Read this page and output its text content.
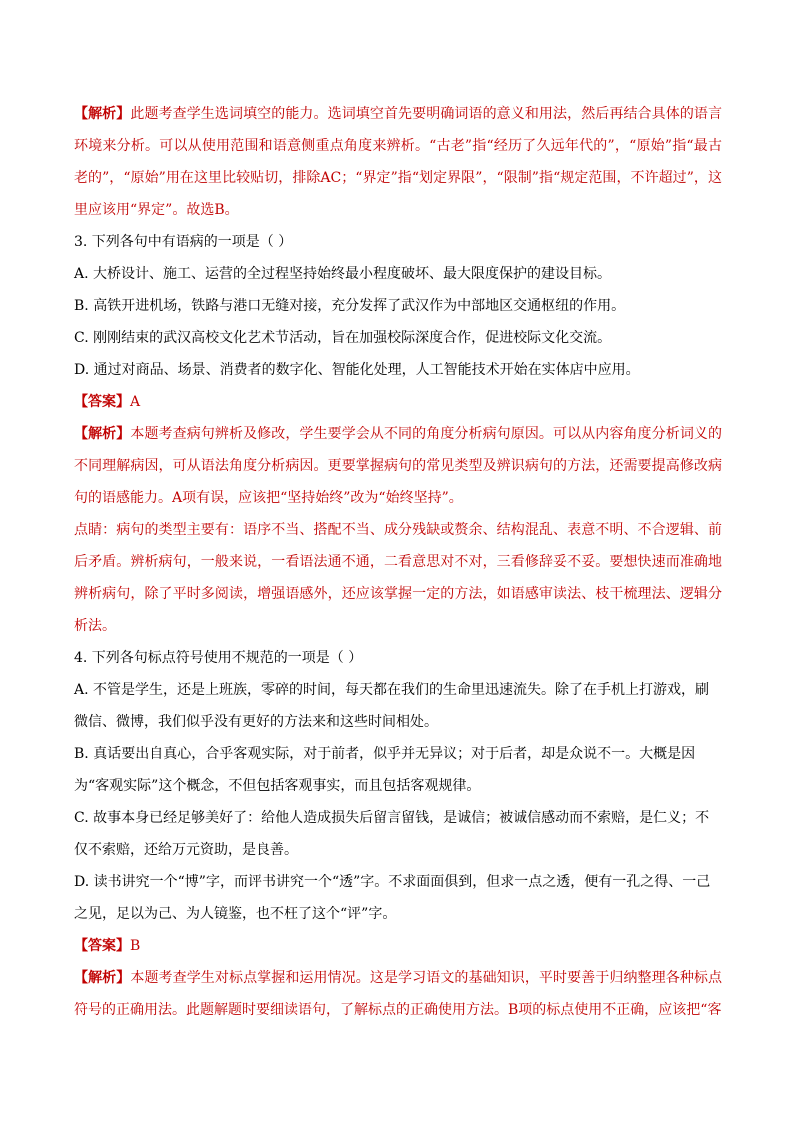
【解析】此题考查学生选词填空的能力。选词填空首先要明确词语的意义和用法，然后再结合具体的语言环境来分析。可以从使用范围和语意侧重点角度来辨析。“古老”指“经历了久远年代的”，“原始”指“最古老的”，“原始”用在这里比较贴切，排除AC；“界定”指“划定界限”，“限制”指“规定范围，不许超过”，这里应该用“界定”。故选B。

3. 下列各句中有语病的一项是（ ）

A. 大桥设计、施工、运营的全过程坚持始终最小程度破坏、最大限度保护的建设目标。

B. 高铁开进机场，铁路与港口无缝对接，充分发挥了武汉作为中部地区交通枢纽的作用。

C. 刚刚结束的武汉高校文化艺术节活动，旨在加强校际深度合作，促进校际文化交流。

D. 通过对商品、场景、消费者的数字化、智能化处理，人工智能技术开始在实体店中应用。

【答案】A

【解析】本题考查病句辨析及修改，学生要学会从不同的角度分析病句原因。可以从内容角度分析词义的不同理解病因，可从语法角度分析病因。更要掌握病句的常见类型及辨识病句的方法，还需要提高修改病句的语感能力。A项有误，应该把“坚持始终”改为“始终坚持”。

点睛：病句的类型主要有：语序不当、搭配不当、成分残缺或赘余、结构混乱、表意不明、不合逻辑、前后矛盾。辨析病句，一般来说，一看语法通不通，二看意思对不对，三看修辞妥不妥。要想快速而准确地辨析病句，除了平时多阅读，增强语感外，还应该掌握一定的方法，如语感审读法、枝干梳理法、逻辑分析法。

4. 下列各句标点符号使用不规范的一项是（ ）

A. 不管是学生，还是上班族，零碎的时间，每天都在我们的生命里迅速流失。除了在手机上打游戏，刷微信、微博，我们似乎没有更好的方法来和这些时间相处。

B. 真话要出自真心，合乎客观实际，对于前者，似乎并无异议；对于后者，却是众说不一。大概是因为“客观实际”这个概念，不但包括客观事实，而且包括客观规律。

C. 故事本身已经足够美好了：给他人造成损失后留言留钱，是诚信；被诚信感动而不索赔，是仁义；不仅不索赔，还给万元资助，是良善。

D. 读书讲究一个“博”字，而评书讲究一个“透”字。不求面面俱到，但求一点之透，便有一孔之得、一己之见，足以为己、为人镜鉴，也不枉了这个“评”字。

【答案】B

【解析】本题考查学生对标点掌握和运用情况。这是学习语文的基础知识，平时要善于归纳整理各种标点符号的正确用法。此题解题时要细读语句，了解标点的正确使用方法。B项的标点使用不正确，应该把“客
